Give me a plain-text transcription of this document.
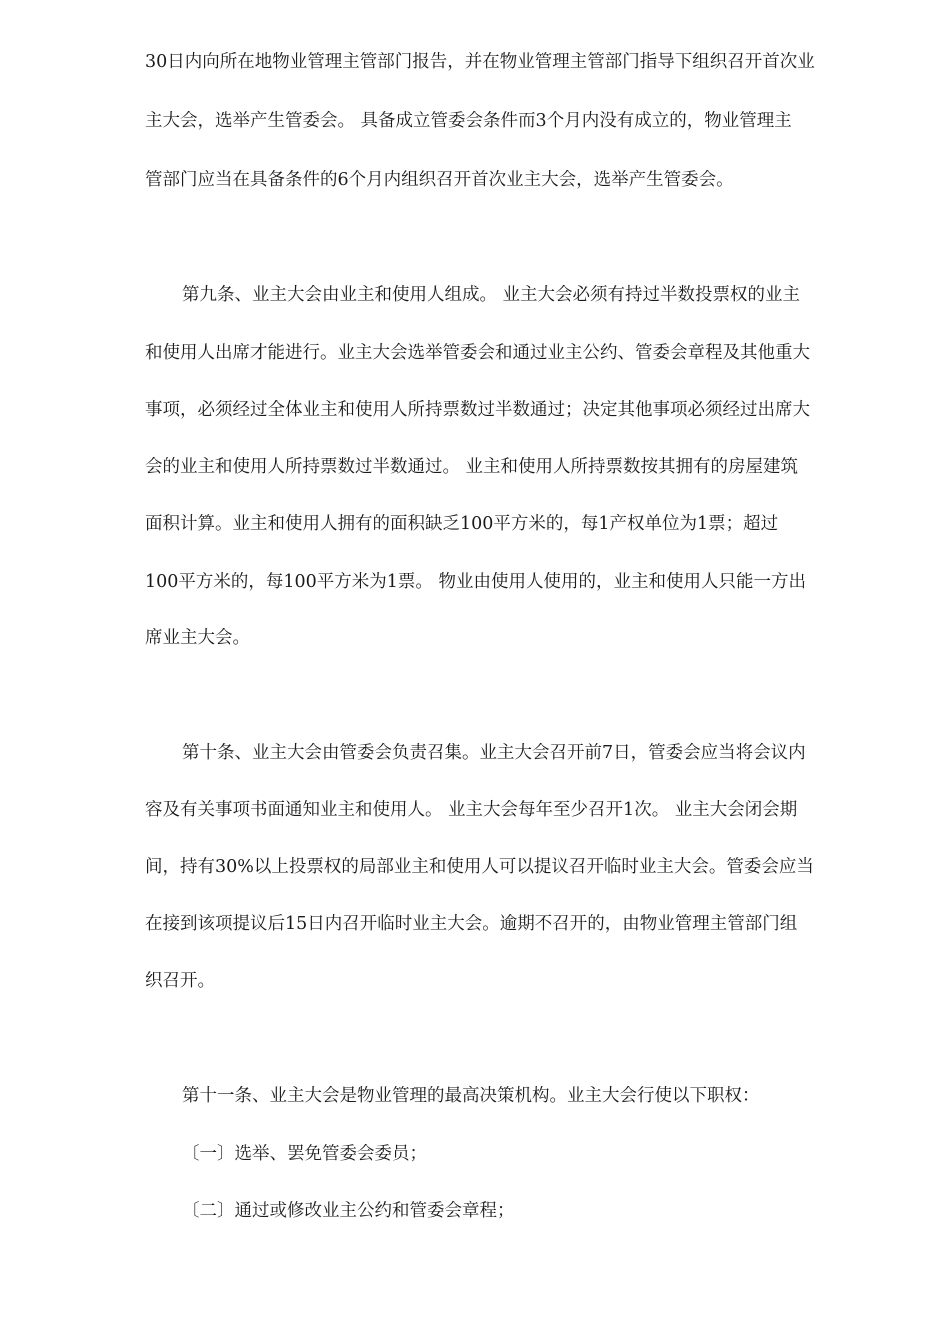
30日内向所在地物业管理主管部门报告，并在物业管理主管部门指导下组织召开首次业
主大会，选举产生管委会。 具备成立管委会条件而3个月内没有成立的，物业管理主
管部门应当在具备条件的6个月内组织召开首次业主大会，选举产生管委会。
第九条、业主大会由业主和使用人组成。 业主大会必须有持过半数投票权的业主
和使用人出席才能进行。业主大会选举管委会和通过业主公约、管委会章程及其他重大
事项，必须经过全体业主和使用人所持票数过半数通过；决定其他事项必须经过出席大
会的业主和使用人所持票数过半数通过。 业主和使用人所持票数按其拥有的房屋建筑
面积计算。业主和使用人拥有的面积缺乏100平方米的，每1产权单位为1票；超过
100平方米的，每100平方米为1票。 物业由使用人使用的，业主和使用人只能一方出
席业主大会。
第十条、业主大会由管委会负责召集。业主大会召开前7日，管委会应当将会议内
容及有关事项书面通知业主和使用人。 业主大会每年至少召开1次。 业主大会闭会期
间，持有30%以上投票权的局部业主和使用人可以提议召开临时业主大会。管委会应当
在接到该项提议后15日内召开临时业主大会。逾期不召开的，由物业管理主管部门组
织召开。
第十一条、业主大会是物业管理的最高决策机构。业主大会行使以下职权：
〔一〕选举、罢免管委会委员；
〔二〕通过或修改业主公约和管委会章程；
